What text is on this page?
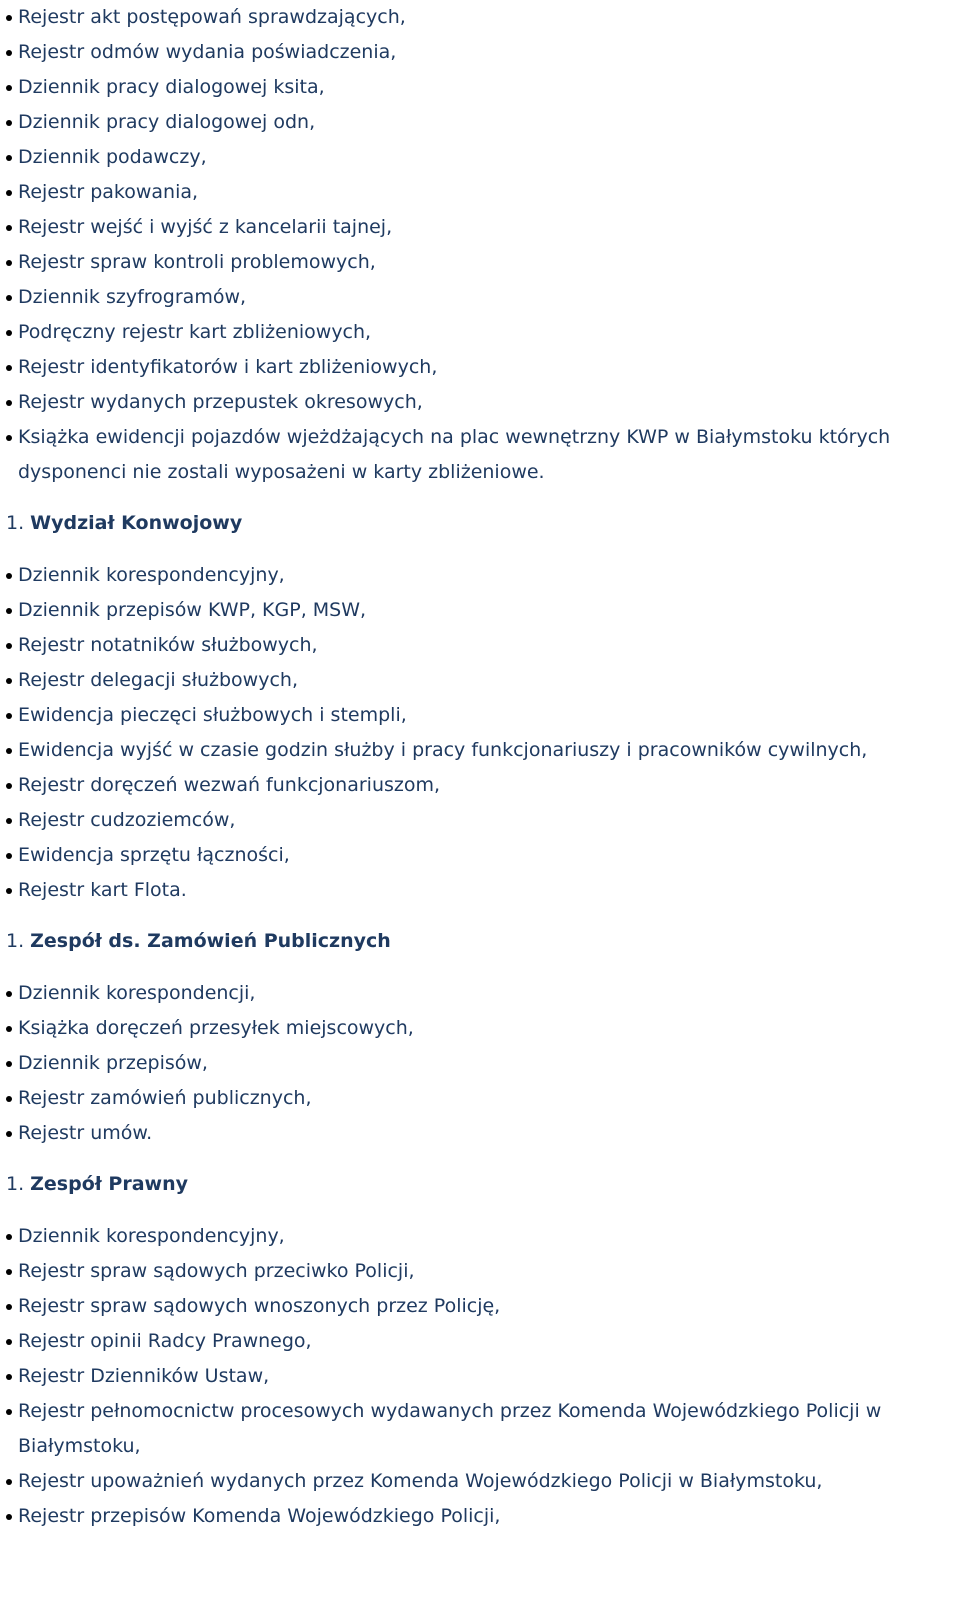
Rejestr akt postępowań sprawdzających,
Rejestr odmów wydania poświadczenia,
Dziennik pracy dialogowej ksita,
Dziennik pracy dialogowej odn,
Dziennik podawczy,
Rejestr pakowania,
Rejestr wejść i wyjść z kancelarii tajnej,
Rejestr spraw kontroli problemowych,
Dziennik szyfrogramów,
Podręczny rejestr kart zbliżeniowych,
Rejestr identyfikatorów i kart zbliżeniowych,
Rejestr wydanych przepustek okresowych,
Książka ewidencji pojazdów wjeżdżających na plac wewnętrzny KWP w Białymstoku których dysponenci nie zostali wyposażeni w karty zbliżeniowe.
1. Wydział Konwojowy
Dziennik korespondencyjny,
Dziennik przepisów KWP, KGP, MSW,
Rejestr notatników służbowych,
Rejestr delegacji służbowych,
Ewidencja pieczęci służbowych i stempli,
Ewidencja wyjść w czasie godzin służby i pracy funkcjonariuszy i pracowników cywilnych,
Rejestr doręczeń wezwań funkcjonariuszom,
Rejestr cudzoziemców,
Ewidencja sprzętu łączności,
Rejestr kart Flota.
1. Zespół ds. Zamówień Publicznych
Dziennik korespondencji,
Książka doręczeń przesyłek miejscowych,
Dziennik przepisów,
Rejestr zamówień publicznych,
Rejestr umów.
1. Zespół Prawny
Dziennik korespondencyjny,
Rejestr spraw sądowych przeciwko Policji,
Rejestr spraw sądowych wnoszonych przez Policję,
Rejestr opinii Radcy Prawnego,
Rejestr Dzienników Ustaw,
Rejestr pełnomocnictw procesowych wydawanych przez Komenda Wojewódzkiego Policji w Białymstoku,
Rejestr upoważnień wydanych przez Komenda Wojewódzkiego Policji w Białymstoku,
Rejestr przepisów Komenda Wojewódzkiego Policji,
